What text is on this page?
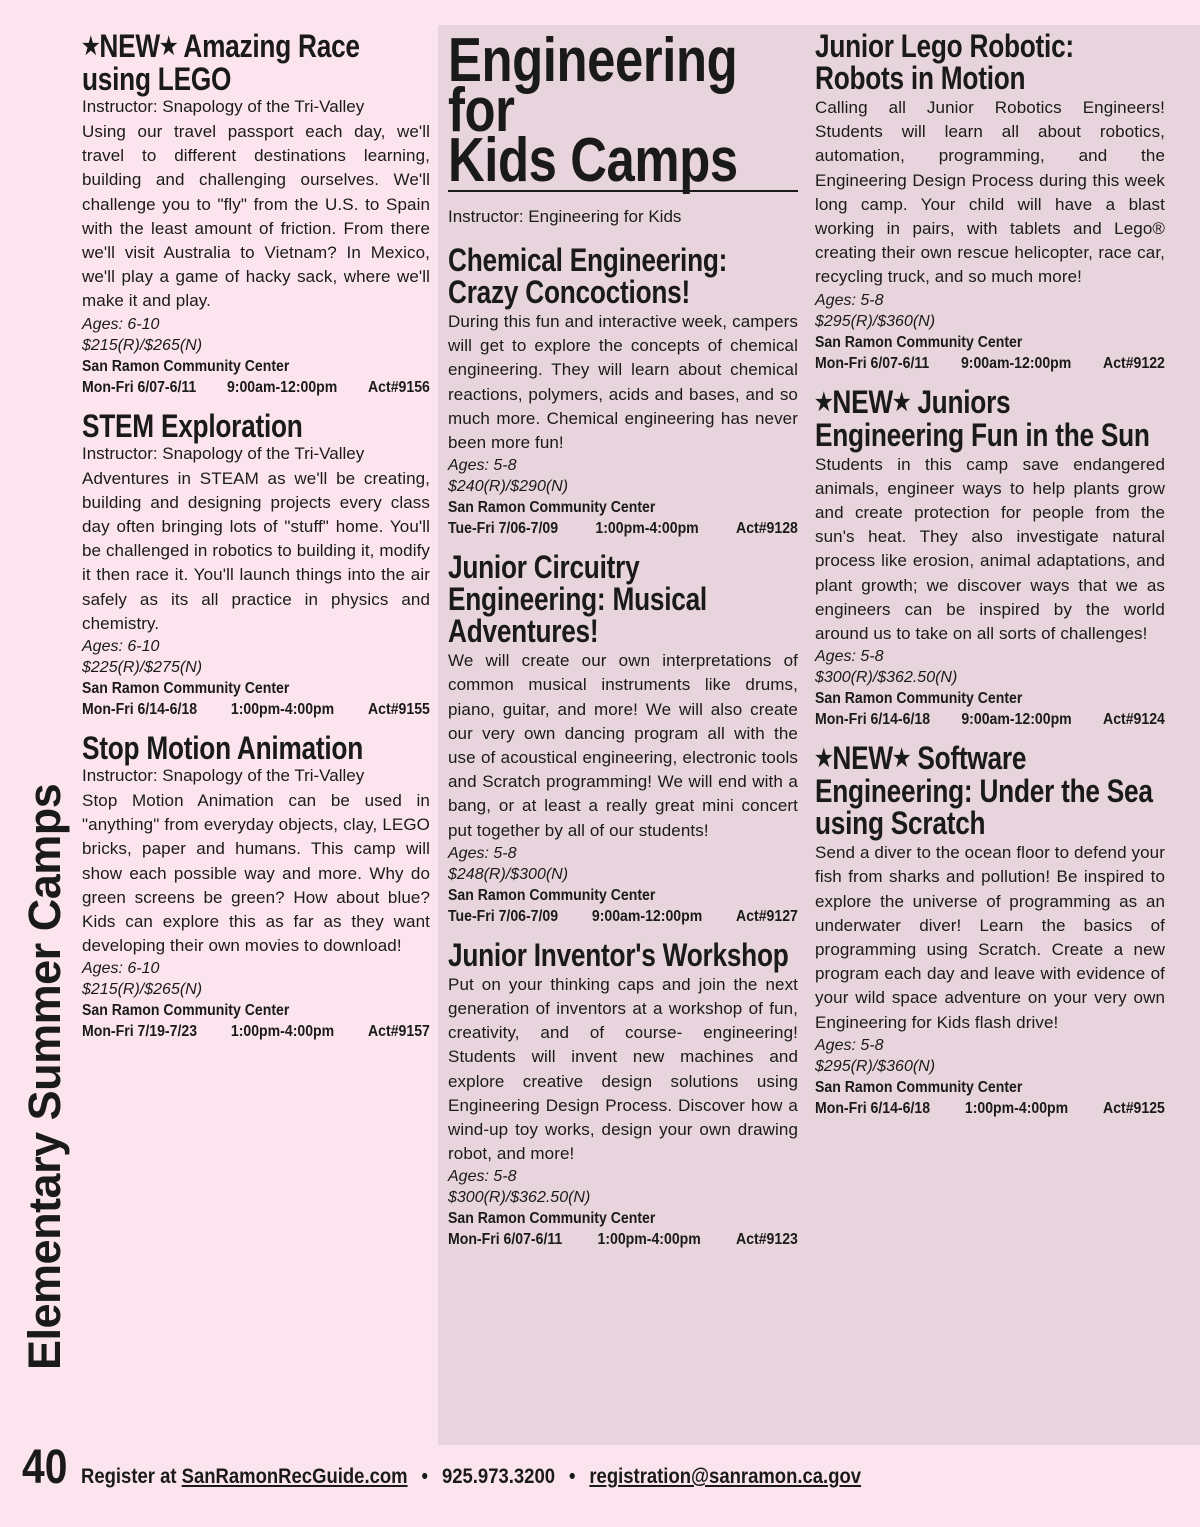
Elementary Summer Camps
★NEW★ Amazing Race using LEGO
Instructor: Snapology of the Tri-Valley
Using our travel passport each day, we'll travel to different destinations learning, building and challenging ourselves. We'll challenge you to "fly" from the U.S. to Spain with the least amount of friction. From there we'll visit Australia to Vietnam? In Mexico, we'll play a game of hacky sack, where we'll make it and play.
Ages: 6-10
$215(R)/$265(N)
San Ramon Community Center
Mon-Fri 6/07-6/11 9:00am-12:00pm Act#9156
STEM Exploration
Instructor: Snapology of the Tri-Valley
Adventures in STEAM as we'll be creating, building and designing projects every class day often bringing lots of "stuff" home. You'll be challenged in robotics to building it, modify it then race it. You'll launch things into the air safely as its all practice in physics and chemistry.
Ages: 6-10
$225(R)/$275(N)
San Ramon Community Center
Mon-Fri 6/14-6/18 1:00pm-4:00pm Act#9155
Stop Motion Animation
Instructor: Snapology of the Tri-Valley
Stop Motion Animation can be used in "anything" from everyday objects, clay, LEGO bricks, paper and humans. This camp will show each possible way and more. Why do green screens be green? How about blue? Kids can explore this as far as they want developing their own movies to download!
Ages: 6-10
$215(R)/$265(N)
San Ramon Community Center
Mon-Fri 7/19-7/23 1:00pm-4:00pm Act#9157
Engineering for
Kids Camps
Instructor: Engineering for Kids
Chemical Engineering: Crazy Concoctions!
During this fun and interactive week, campers will get to explore the concepts of chemical engineering. They will learn about chemical reactions, polymers, acids and bases, and so much more. Chemical engineering has never been more fun!
Ages: 5-8
$240(R)/$290(N)
San Ramon Community Center
Tue-Fri 7/06-7/09 1:00pm-4:00pm Act#9128
Junior Circuitry Engineering: Musical Adventures!
We will create our own interpretations of common musical instruments like drums, piano, guitar, and more! We will also create our very own dancing program all with the use of acoustical engineering, electronic tools and Scratch programming! We will end with a bang, or at least a really great mini concert put together by all of our students!
Ages: 5-8
$248(R)/$300(N)
San Ramon Community Center
Tue-Fri 7/06-7/09 9:00am-12:00pm Act#9127
Junior Inventor's Workshop
Put on your thinking caps and join the next generation of inventors at a workshop of fun, creativity, and of course- engineering! Students will invent new machines and explore creative design solutions using Engineering Design Process. Discover how a wind-up toy works, design your own drawing robot, and more!
Ages: 5-8
$300(R)/$362.50(N)
San Ramon Community Center
Mon-Fri 6/07-6/11 1:00pm-4:00pm Act#9123
Junior Lego Robotic: Robots in Motion
Calling all Junior Robotics Engineers! Students will learn all about robotics, automation, programming, and the Engineering Design Process during this week long camp. Your child will have a blast working in pairs, with tablets and Lego® creating their own rescue helicopter, race car, recycling truck, and so much more!
Ages: 5-8
$295(R)/$360(N)
San Ramon Community Center
Mon-Fri 6/07-6/11 9:00am-12:00pm Act#9122
★NEW★ Juniors Engineering Fun in the Sun
Students in this camp save endangered animals, engineer ways to help plants grow and create protection for people from the sun's heat. They also investigate natural process like erosion, animal adaptations, and plant growth; we discover ways that we as engineers can be inspired by the world around us to take on all sorts of challenges!
Ages: 5-8
$300(R)/$362.50(N)
San Ramon Community Center
Mon-Fri 6/14-6/18 9:00am-12:00pm Act#9124
★NEW★ Software Engineering: Under the Sea using Scratch
Send a diver to the ocean floor to defend your fish from sharks and pollution! Be inspired to explore the universe of programming as an underwater diver! Learn the basics of programming using Scratch. Create a new program each day and leave with evidence of your wild space adventure on your very own Engineering for Kids flash drive!
Ages: 5-8
$295(R)/$360(N)
San Ramon Community Center
Mon-Fri 6/14-6/18 1:00pm-4:00pm Act#9125
40 Register at SanRamonRecGuide.com • 925.973.3200 • registration@sanramon.ca.gov
